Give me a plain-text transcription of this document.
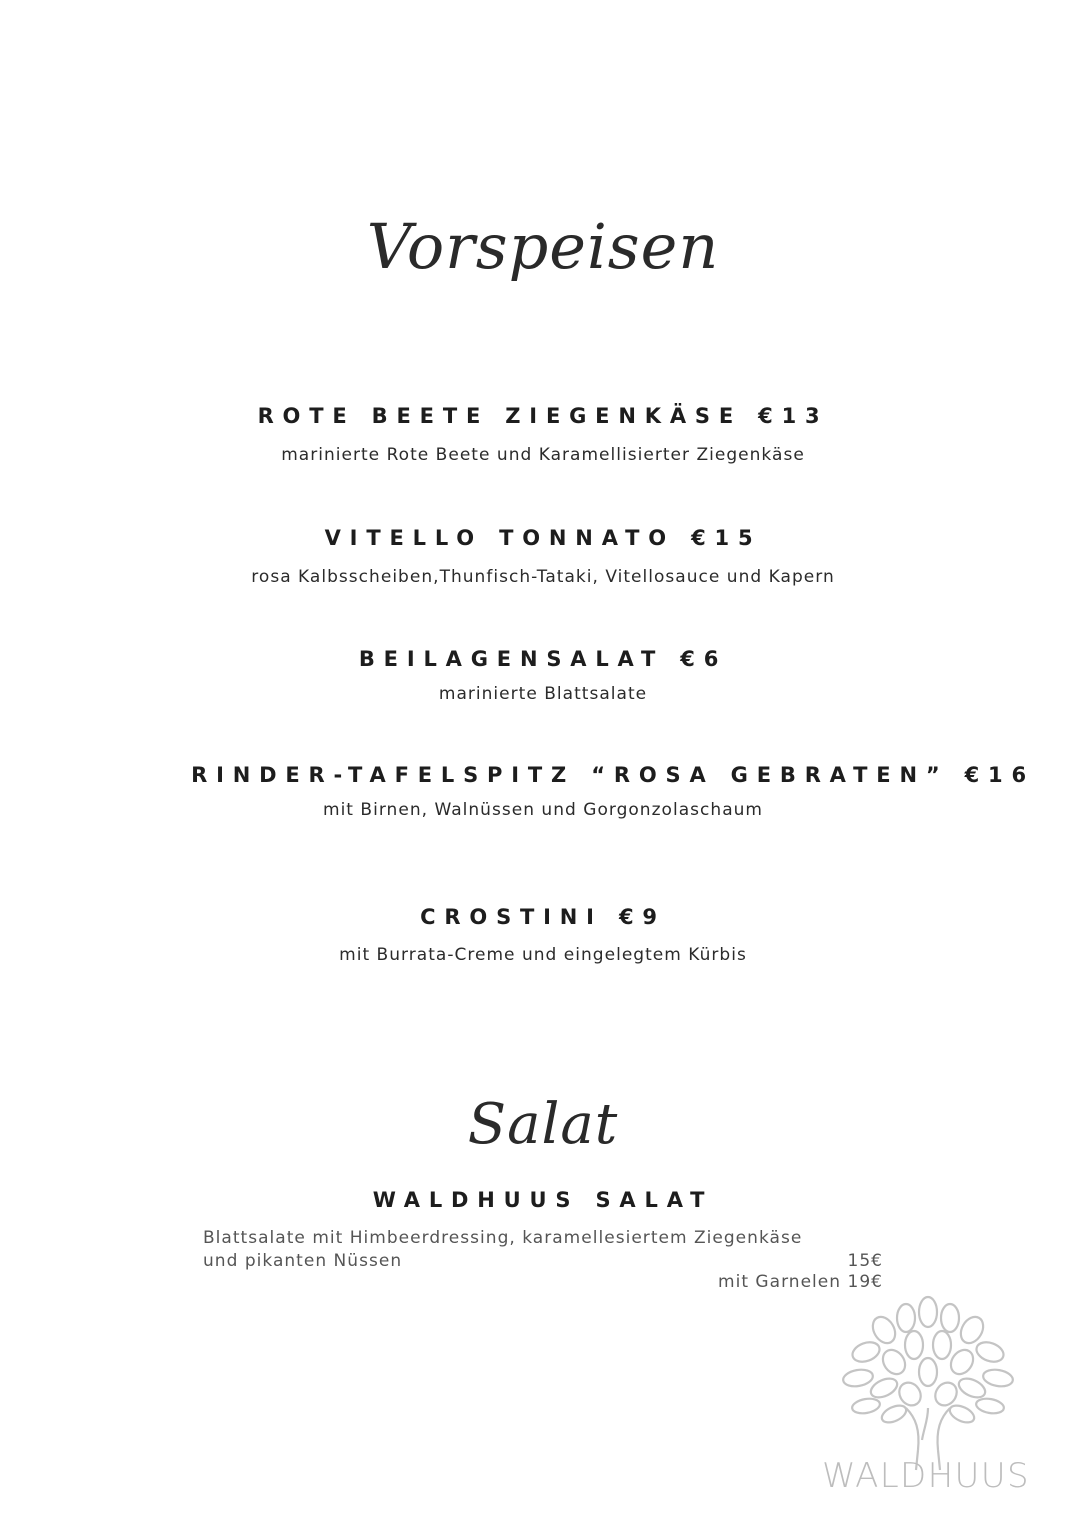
Vorspeisen
ROTE BEETE ZIEGENKÄSE €13
marinierte Rote Beete und Karamellisierter Ziegenkäse
VITELLO TONNATO €15
rosa Kalbsscheiben,Thunfisch-Tataki, Vitellosauce und Kapern
BEILAGENSALAT €6
marinierte Blattsalate
RINDER-TAFELSPITZ “ROSA GEBRATEN” €16
mit Birnen, Walnüssen und Gorgonzolaschaum
CROSTINI €9
mit Burrata-Creme und eingelegtem Kürbis
Salat
WALDHUUS SALAT
Blattsalate mit Himbeerdressing, karamellesiertem Ziegenkäse
und pikanten Nüssen	15€
mit Garnelen 19€
WALDHUUS
